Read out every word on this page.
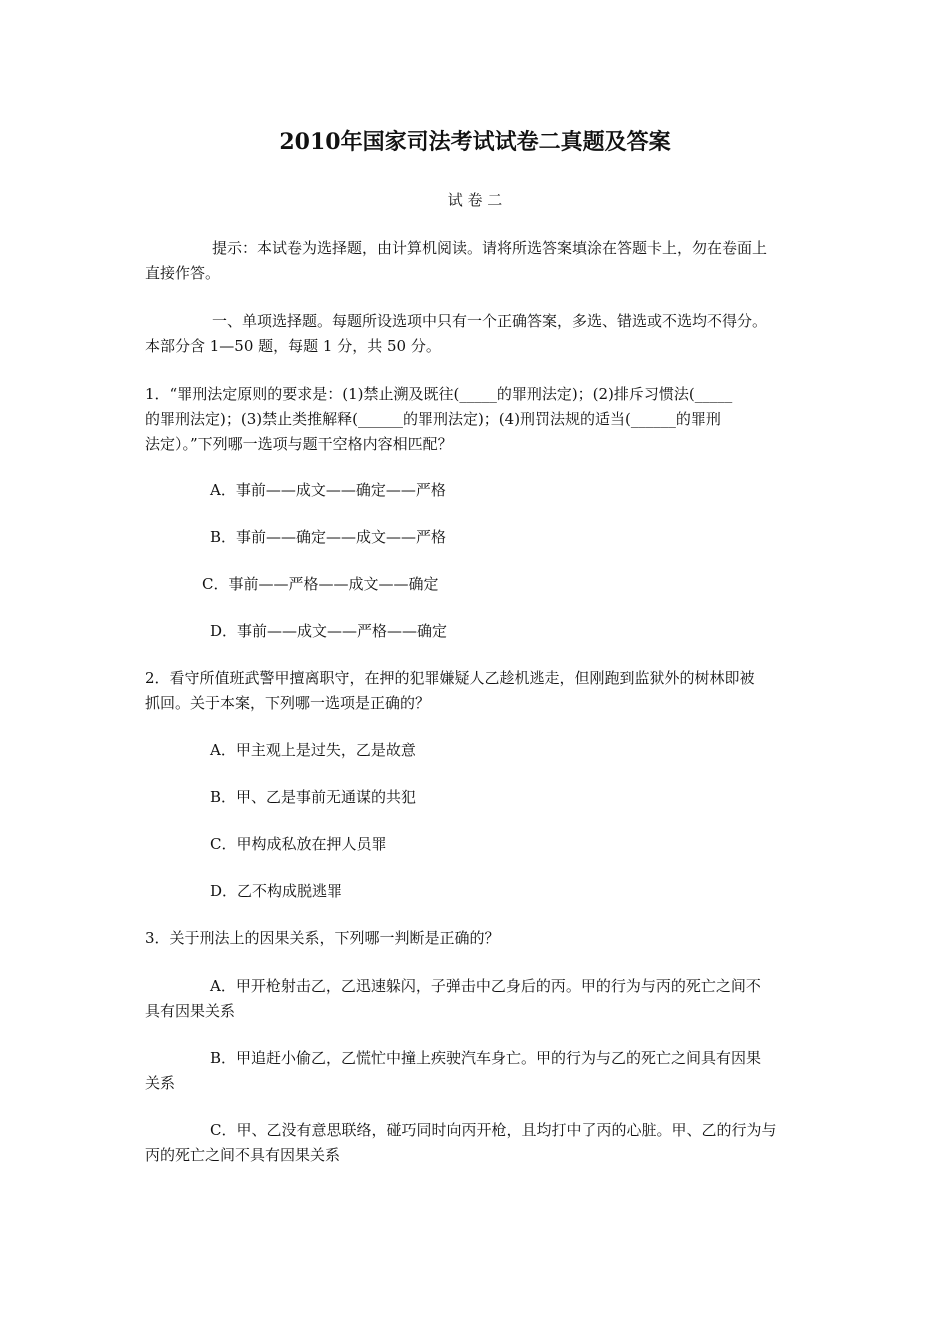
2010年国家司法考试试卷二真题及答案

试 卷 二

提示：本试卷为选择题，由计算机阅读。请将所选答案填涂在答题卡上，勿在卷面上

直接作答。

一、单项选择题。每题所设选项中只有一个正确答案，多选、错选或不选均不得分。

本部分含 1—50 题，每题 1 分，共 50 分。

1．“罪刑法定原则的要求是：(1)禁止溯及既往(_____的罪刑法定)；(2)排斥习惯法(_____

的罪刑法定)；(3)禁止类推解释(______的罪刑法定)；(4)刑罚法规的适当(______的罪刑

法定）。”下列哪一选项与题干空格内容相匹配？

A．事前——成文——确定——严格

B．事前——确定——成文——严格

C．事前——严格——成文——确定

D．事前——成文——严格——确定

2．看守所值班武警甲擅离职守，在押的犯罪嫌疑人乙趁机逃走，但刚跑到监狱外的树林即被

抓回。关于本案，下列哪一选项是正确的？

A．甲主观上是过失，乙是故意

B．甲、乙是事前无通谋的共犯

C．甲构成私放在押人员罪

D．乙不构成脱逃罪

3．关于刑法上的因果关系，下列哪一判断是正确的？

A．甲开枪射击乙，乙迅速躲闪，子弹击中乙身后的丙。甲的行为与丙的死亡之间不

具有因果关系

B．甲追赶小偷乙，乙慌忙中撞上疾驶汽车身亡。甲的行为与乙的死亡之间具有因果

关系

C．甲、乙没有意思联络，碰巧同时向丙开枪，且均打中了丙的心脏。甲、乙的行为与

丙的死亡之间不具有因果关系
